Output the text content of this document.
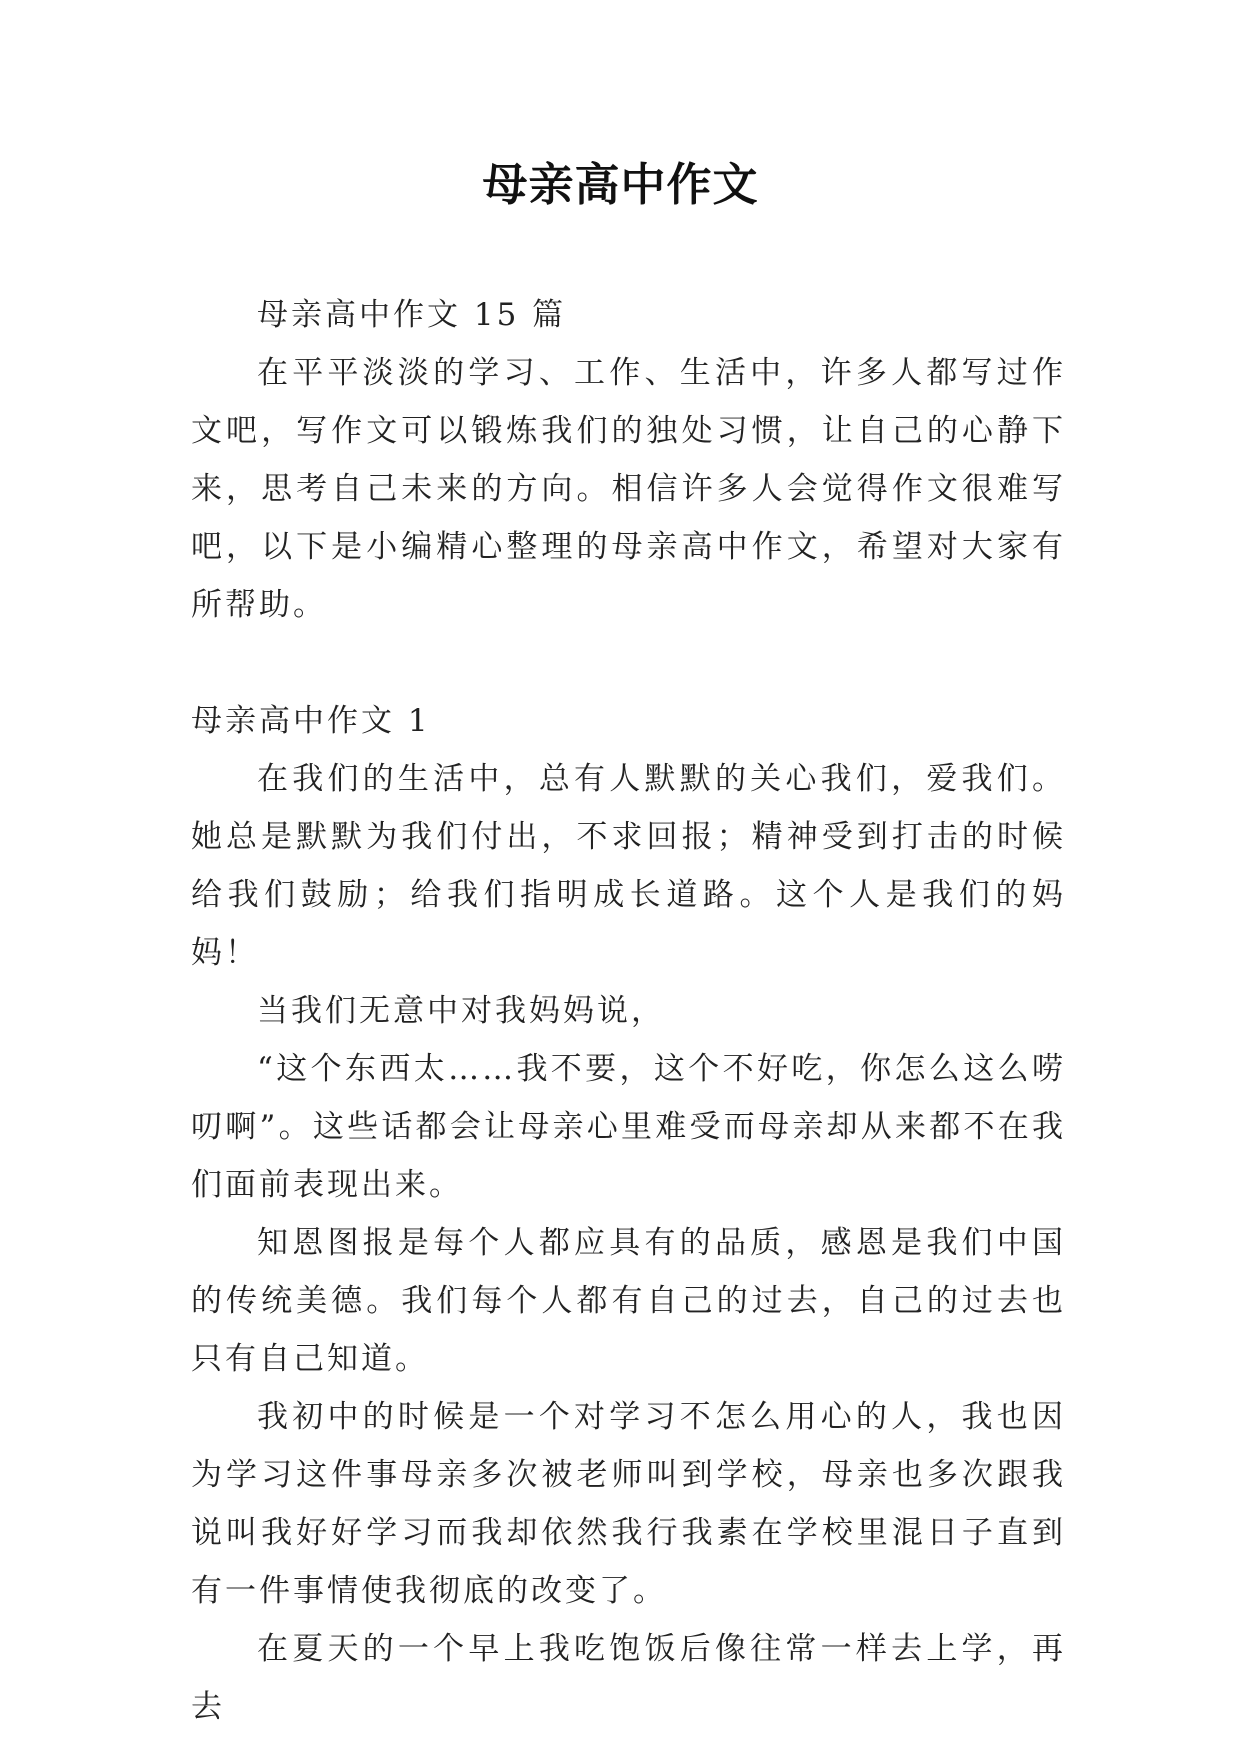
母亲高中作文

母亲高中作文 15 篇

在平平淡淡的学习、工作、生活中，许多人都写过作文吧，写作文可以锻炼我们的独处习惯，让自己的心静下来，思考自己未来的方向。相信许多人会觉得作文很难写吧，以下是小编精心整理的母亲高中作文，希望对大家有所帮助。

母亲高中作文 1

在我们的生活中，总有人默默的关心我们，爱我们。她总是默默为我们付出，不求回报；精神受到打击的时候给我们鼓励；给我们指明成长道路。这个人是我们的妈妈！

当我们无意中对我妈妈说，

“这个东西太……我不要，这个不好吃，你怎么这么唠叨啊”。这些话都会让母亲心里难受而母亲却从来都不在我们面前表现出来。

知恩图报是每个人都应具有的品质，感恩是我们中国的传统美德。我们每个人都有自己的过去，自己的过去也只有自己知道。

我初中的时候是一个对学习不怎么用心的人，我也因为学习这件事母亲多次被老师叫到学校，母亲也多次跟我说叫我好好学习而我却依然我行我素在学校里混日子直到有一件事情使我彻底的改变了。

在夏天的一个早上我吃饱饭后像往常一样去上学，再去
